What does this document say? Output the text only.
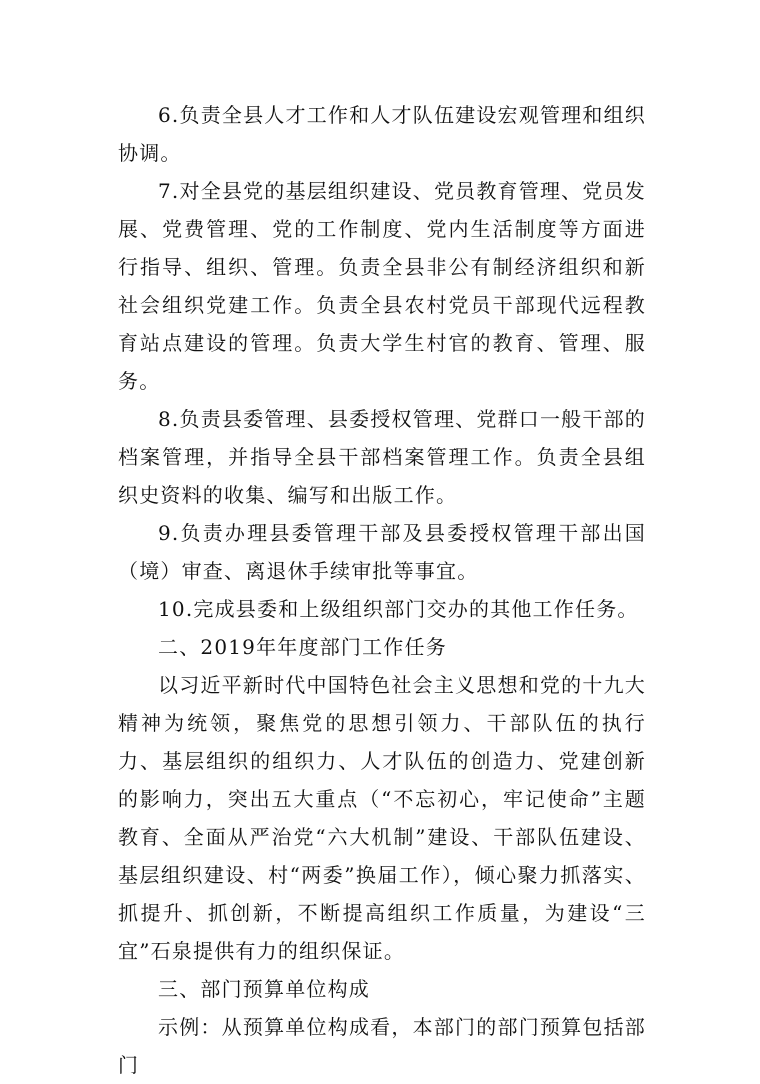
6.负责全县人才工作和人才队伍建设宏观管理和组织协调。

7.对全县党的基层组织建设、党员教育管理、党员发展、党费管理、党的工作制度、党内生活制度等方面进行指导、组织、管理。负责全县非公有制经济组织和新社会组织党建工作。负责全县农村党员干部现代远程教育站点建设的管理。负责大学生村官的教育、管理、服务。

8.负责县委管理、县委授权管理、党群口一般干部的档案管理，并指导全县干部档案管理工作。负责全县组织史资料的收集、编写和出版工作。

9.负责办理县委管理干部及县委授权管理干部出国（境）审查、离退休手续审批等事宜。

10.完成县委和上级组织部门交办的其他工作任务。

二、2019年年度部门工作任务

以习近平新时代中国特色社会主义思想和党的十九大精神为统领，聚焦党的思想引领力、干部队伍的执行力、基层组织的组织力、人才队伍的创造力、党建创新的影响力，突出五大重点（“不忘初心，牢记使命”主题教育、全面从严治党“六大机制”建设、干部队伍建设、基层组织建设、村“两委”换届工作），倾心聚力抓落实、抓提升、抓创新，不断提高组织工作质量，为建设“三宜”石泉提供有力的组织保证。

三、部门预算单位构成

示例：从预算单位构成看，本部门的部门预算包括部门
